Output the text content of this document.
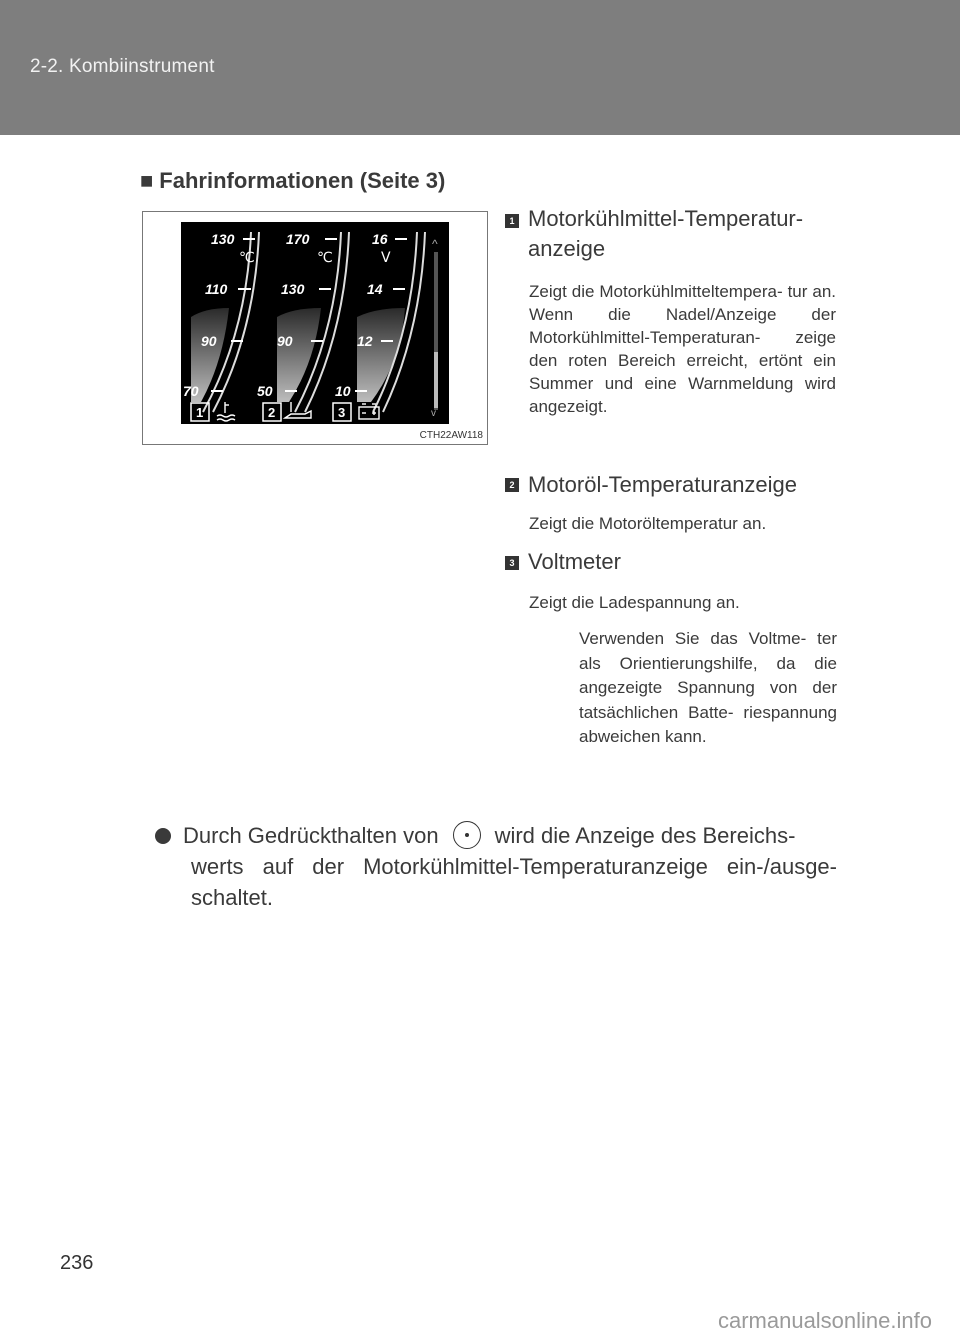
2-2. Kombiinstrument
■ Fahrinformationen (Seite 3)
^
v
130
110
90
70
170
130
90
50
16
14
12
10
℃	℃	V
1	2	3
CTH22AW118
1 Motorkühlmittel-Temperatur-
anzeige
Zeigt die Motorkühlmitteltempera- tur an. Wenn die Nadel/Anzeige der Motorkühlmittel-Temperaturan- zeige den roten Bereich erreicht, ertönt ein Summer und eine Warnmeldung wird angezeigt.
2 Motoröl-Temperaturanzeige
Zeigt die Motoröltemperatur an.
3 Voltmeter
Zeigt die Ladespannung an.
Verwenden Sie das Voltme- ter als Orientierungshilfe, da die angezeigte Spannung von der tatsächlichen Batte- riespannung abweichen kann.
Durch Gedrückthalten von	wird die Anzeige des Bereichs-
werts auf der Motorkühlmittel-Temperaturanzeige ein-/ausge- schaltet.
236
carmanualsonline.info
